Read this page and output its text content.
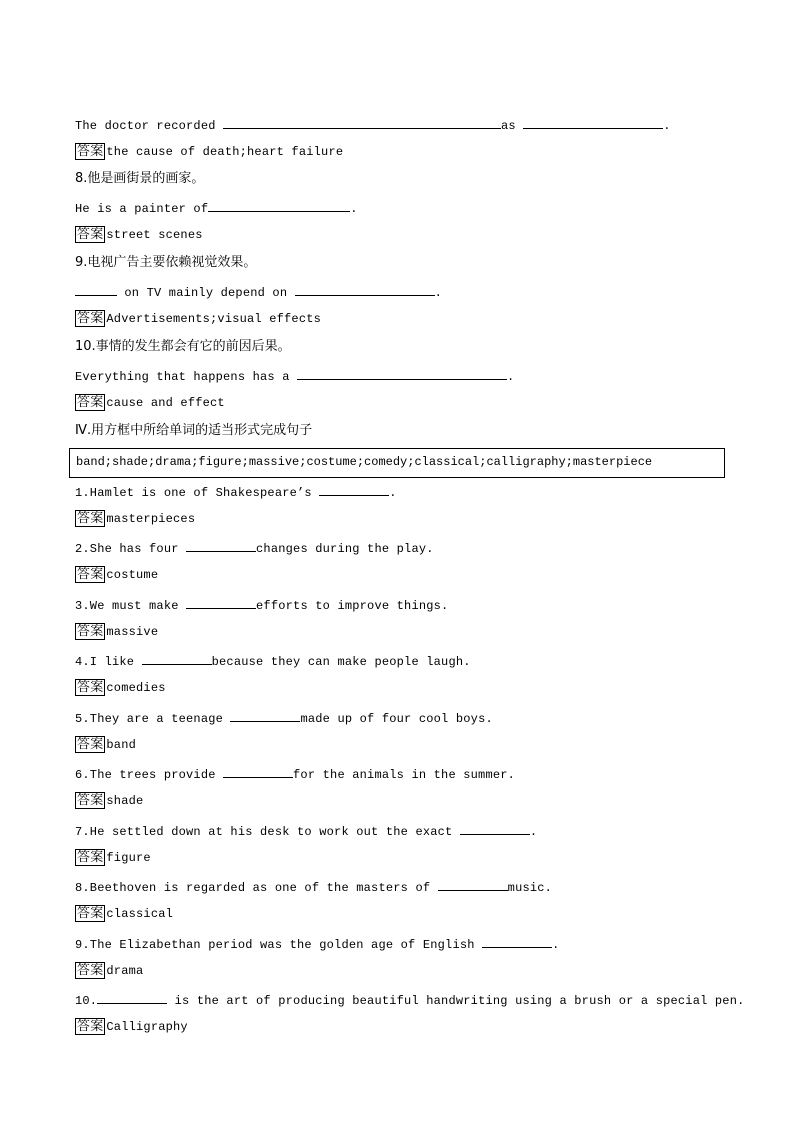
The doctor recorded	as	.
答案 the cause of death;heart failure
8.他是画街景的画家。
He is a painter of	.
答案 street scenes
9.电视广告主要依赖视觉效果。
on TV mainly depend on	.
答案 Advertisements;visual effects
10.事情的发生都会有它的前因后果。
Everything that happens has a	.
答案 cause and effect
Ⅳ.用方框中所给单词的适当形式完成句子
band;shade;drama;figure;massive;costume;comedy;classical;calligraphy;masterpiece
1.Hamlet is one of Shakespeare’s	.
答案 masterpieces
2.She has four	changes during the play.
答案 costume
3.We must make	efforts to improve things.
答案 massive
4.I like	because they can make people laugh.
答案 comedies
5.They are a teenage	made up of four cool boys.
答案 band
6.The trees provide	for the animals in the summer.
答案 shade
7.He settled down at his desk to work out the exact	.
答案 figure
8.Beethoven is regarded as one of the masters of	music.
答案 classical
9.The Elizabethan period was the golden age of English	.
答案 drama
10.	is the art of producing beautiful handwriting using a brush or a special pen.
答案 Calligraphy
